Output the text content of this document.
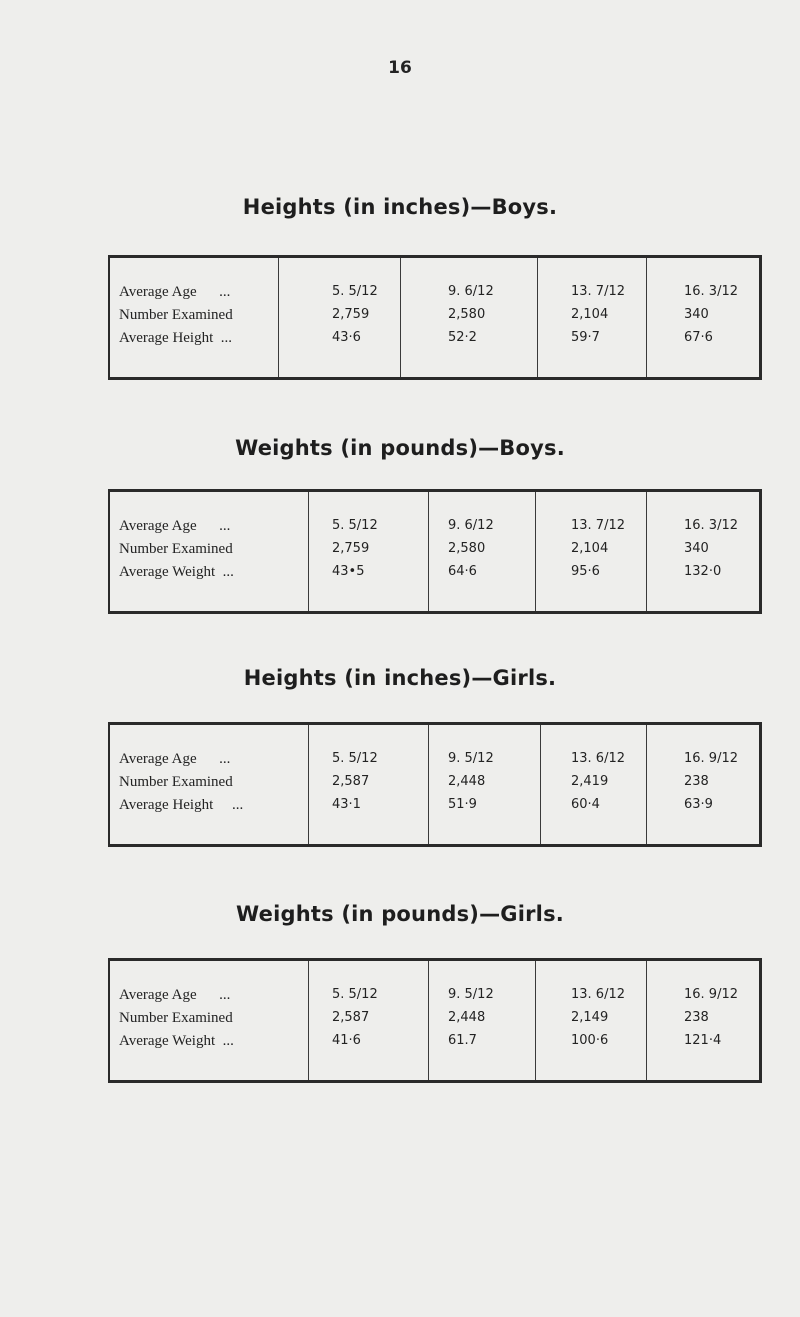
16
Heights (in inches)—Boys.
Average Age ...	5. 5/12	9. 6/12	13. 7/12	16. 3/12
Number Examined	2,759	2,580	2,104	340
Average Height ...	43·6	52·2	59·7	67·6
Weights (in pounds)—Boys.
Average Age ...	5. 5/12	9. 6/12	13. 7/12	16. 3/12
Number Examined	2,759	2,580	2,104	340
Average Weight ...	43•5	64·6	95·6	132·0
Heights (in inches)—Girls.
Average Age ...	5. 5/12	9. 5/12	13. 6/12	16. 9/12
Number Examined	2,587	2,448	2,419	238
Average Height ...	43·1	51·9	60·4	63·9
Weights (in pounds)—Girls.
Average Age ...	5. 5/12	9. 5/12	13. 6/12	16. 9/12
Number Examined	2,587	2,448	2,149	238
Average Weight ...	41·6	61.7	100·6	121·4
